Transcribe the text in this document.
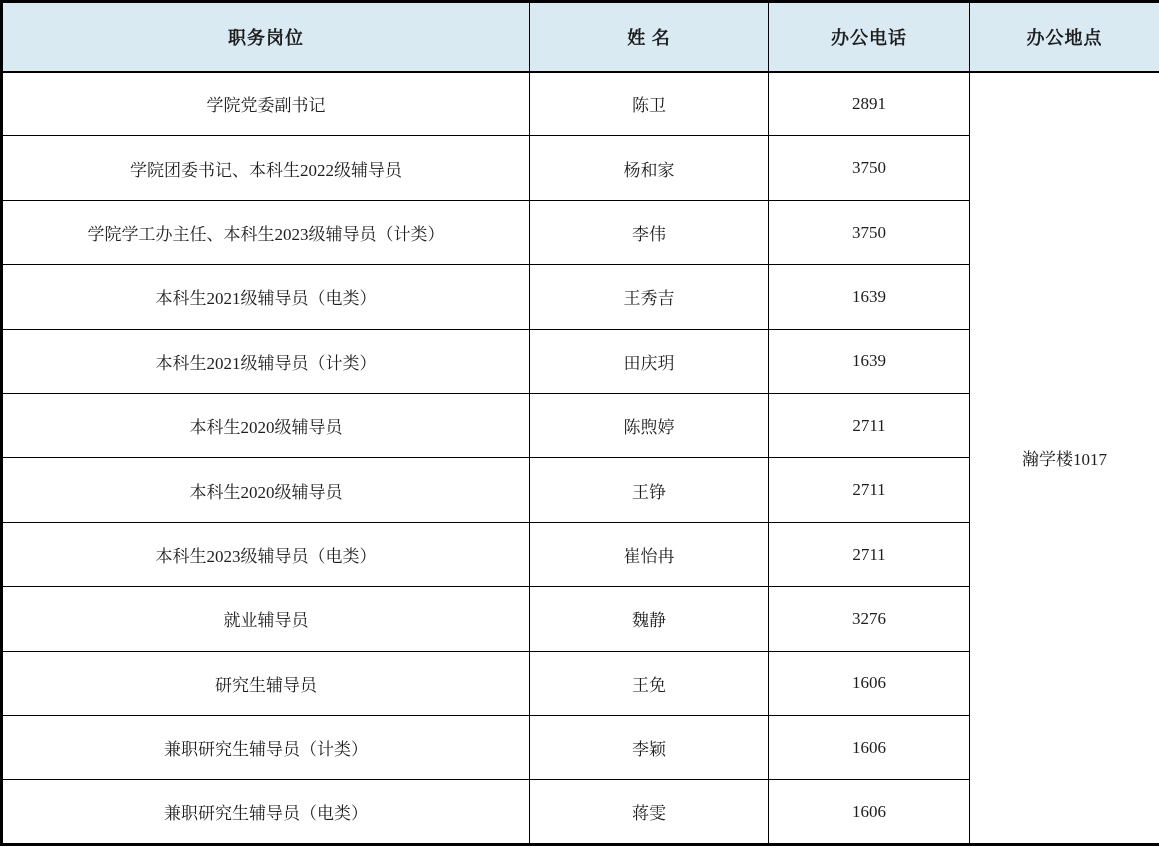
职务岗位	姓 名	办公电话	办公地点
学院党委副书记	陈卫	2891	瀚学楼1017
学院团委书记、本科生2022级辅导员	杨和家	3750	
学院学工办主任、本科生2023级辅导员（计类）	李伟	3750	
本科生2021级辅导员（电类）	王秀吉	1639	
本科生2021级辅导员（计类）	田庆玥	1639	
本科生2020级辅导员	陈煦婷	2711	
本科生2020级辅导员	王铮	2711	
本科生2023级辅导员（电类）	崔怡冉	2711	
就业辅导员	魏静	3276	
研究生辅导员	王免	1606	
兼职研究生辅导员（计类）	李颖	1606	
兼职研究生辅导员（电类）	蒋雯	1606	
